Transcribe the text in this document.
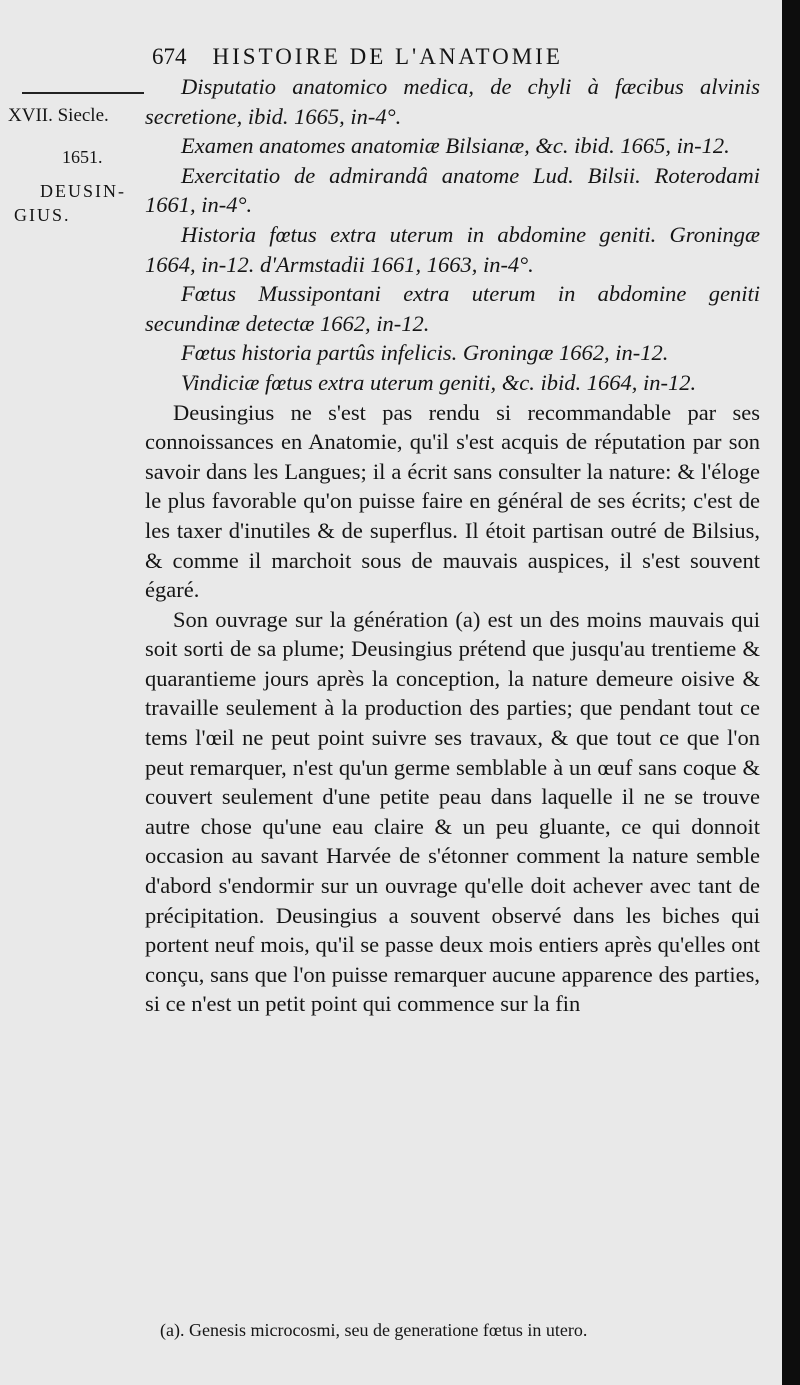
674 HISTOIRE DE L'ANATOMIE
XVII. Siecle.
1651.
DEUSIN-
GIUS.

Disputatio anatomico medica, de chyli à fæcibus alvinis secretione, ibid. 1665, in-4°.

Examen anatomes anatomiæ Bilsianæ, &c. ibid. 1665, in-12.

Exercitatio de admirandâ anatome Lud. Bilsii. Roterodami 1661, in-4°.

Historia fœtus extra uterum in abdomine geniti. Groningæ 1664, in-12. d'Armstadii 1661, 1663, in-4°.

Fœtus Mussipontani extra uterum in abdomine geniti secundinæ detectæ 1662, in-12.

Fœtus historia partûs infelicis. Groningæ 1662, in-12.

Vindiciæ fœtus extra uterum geniti, &c. ibid. 1664, in-12.

Deusingius ne s'est pas rendu si recommandable par ses connoissances en Anatomie, qu'il s'est acquis de réputation par son savoir dans les Langues; il a écrit sans consulter la nature: & l'éloge le plus favorable qu'on puisse faire en général de ses écrits; c'est de les taxer d'inutiles & de superflus. Il étoit partisan outré de Bilsius, & comme il marchoit sous de mauvais auspices, il s'est souvent égaré.

Son ouvrage sur la génération (a) est un des moins mauvais qui soit sorti de sa plume; Deusingius prétend que jusqu'au trentieme & quarantieme jours après la conception, la nature demeure oisive & travaille seulement à la production des parties; que pendant tout ce tems l'œil ne peut point suivre ses travaux, & que tout ce que l'on peut remarquer, n'est qu'un germe semblable à un œuf sans coque & couvert seulement d'une petite peau dans laquelle il ne se trouve autre chose qu'une eau claire & un peu gluante, ce qui donnoit occasion au savant Harvée de s'étonner comment la nature semble d'abord s'endormir sur un ouvrage qu'elle doit achever avec tant de précipitation. Deusingius a souvent observé dans les biches qui portent neuf mois, qu'il se passe deux mois entiers après qu'elles ont conçu, sans que l'on puisse remarquer aucune apparence des parties, si ce n'est un petit point qui commence sur la fin

(a). Genesis microcosmi, seu de generatione fœtus in utero.
